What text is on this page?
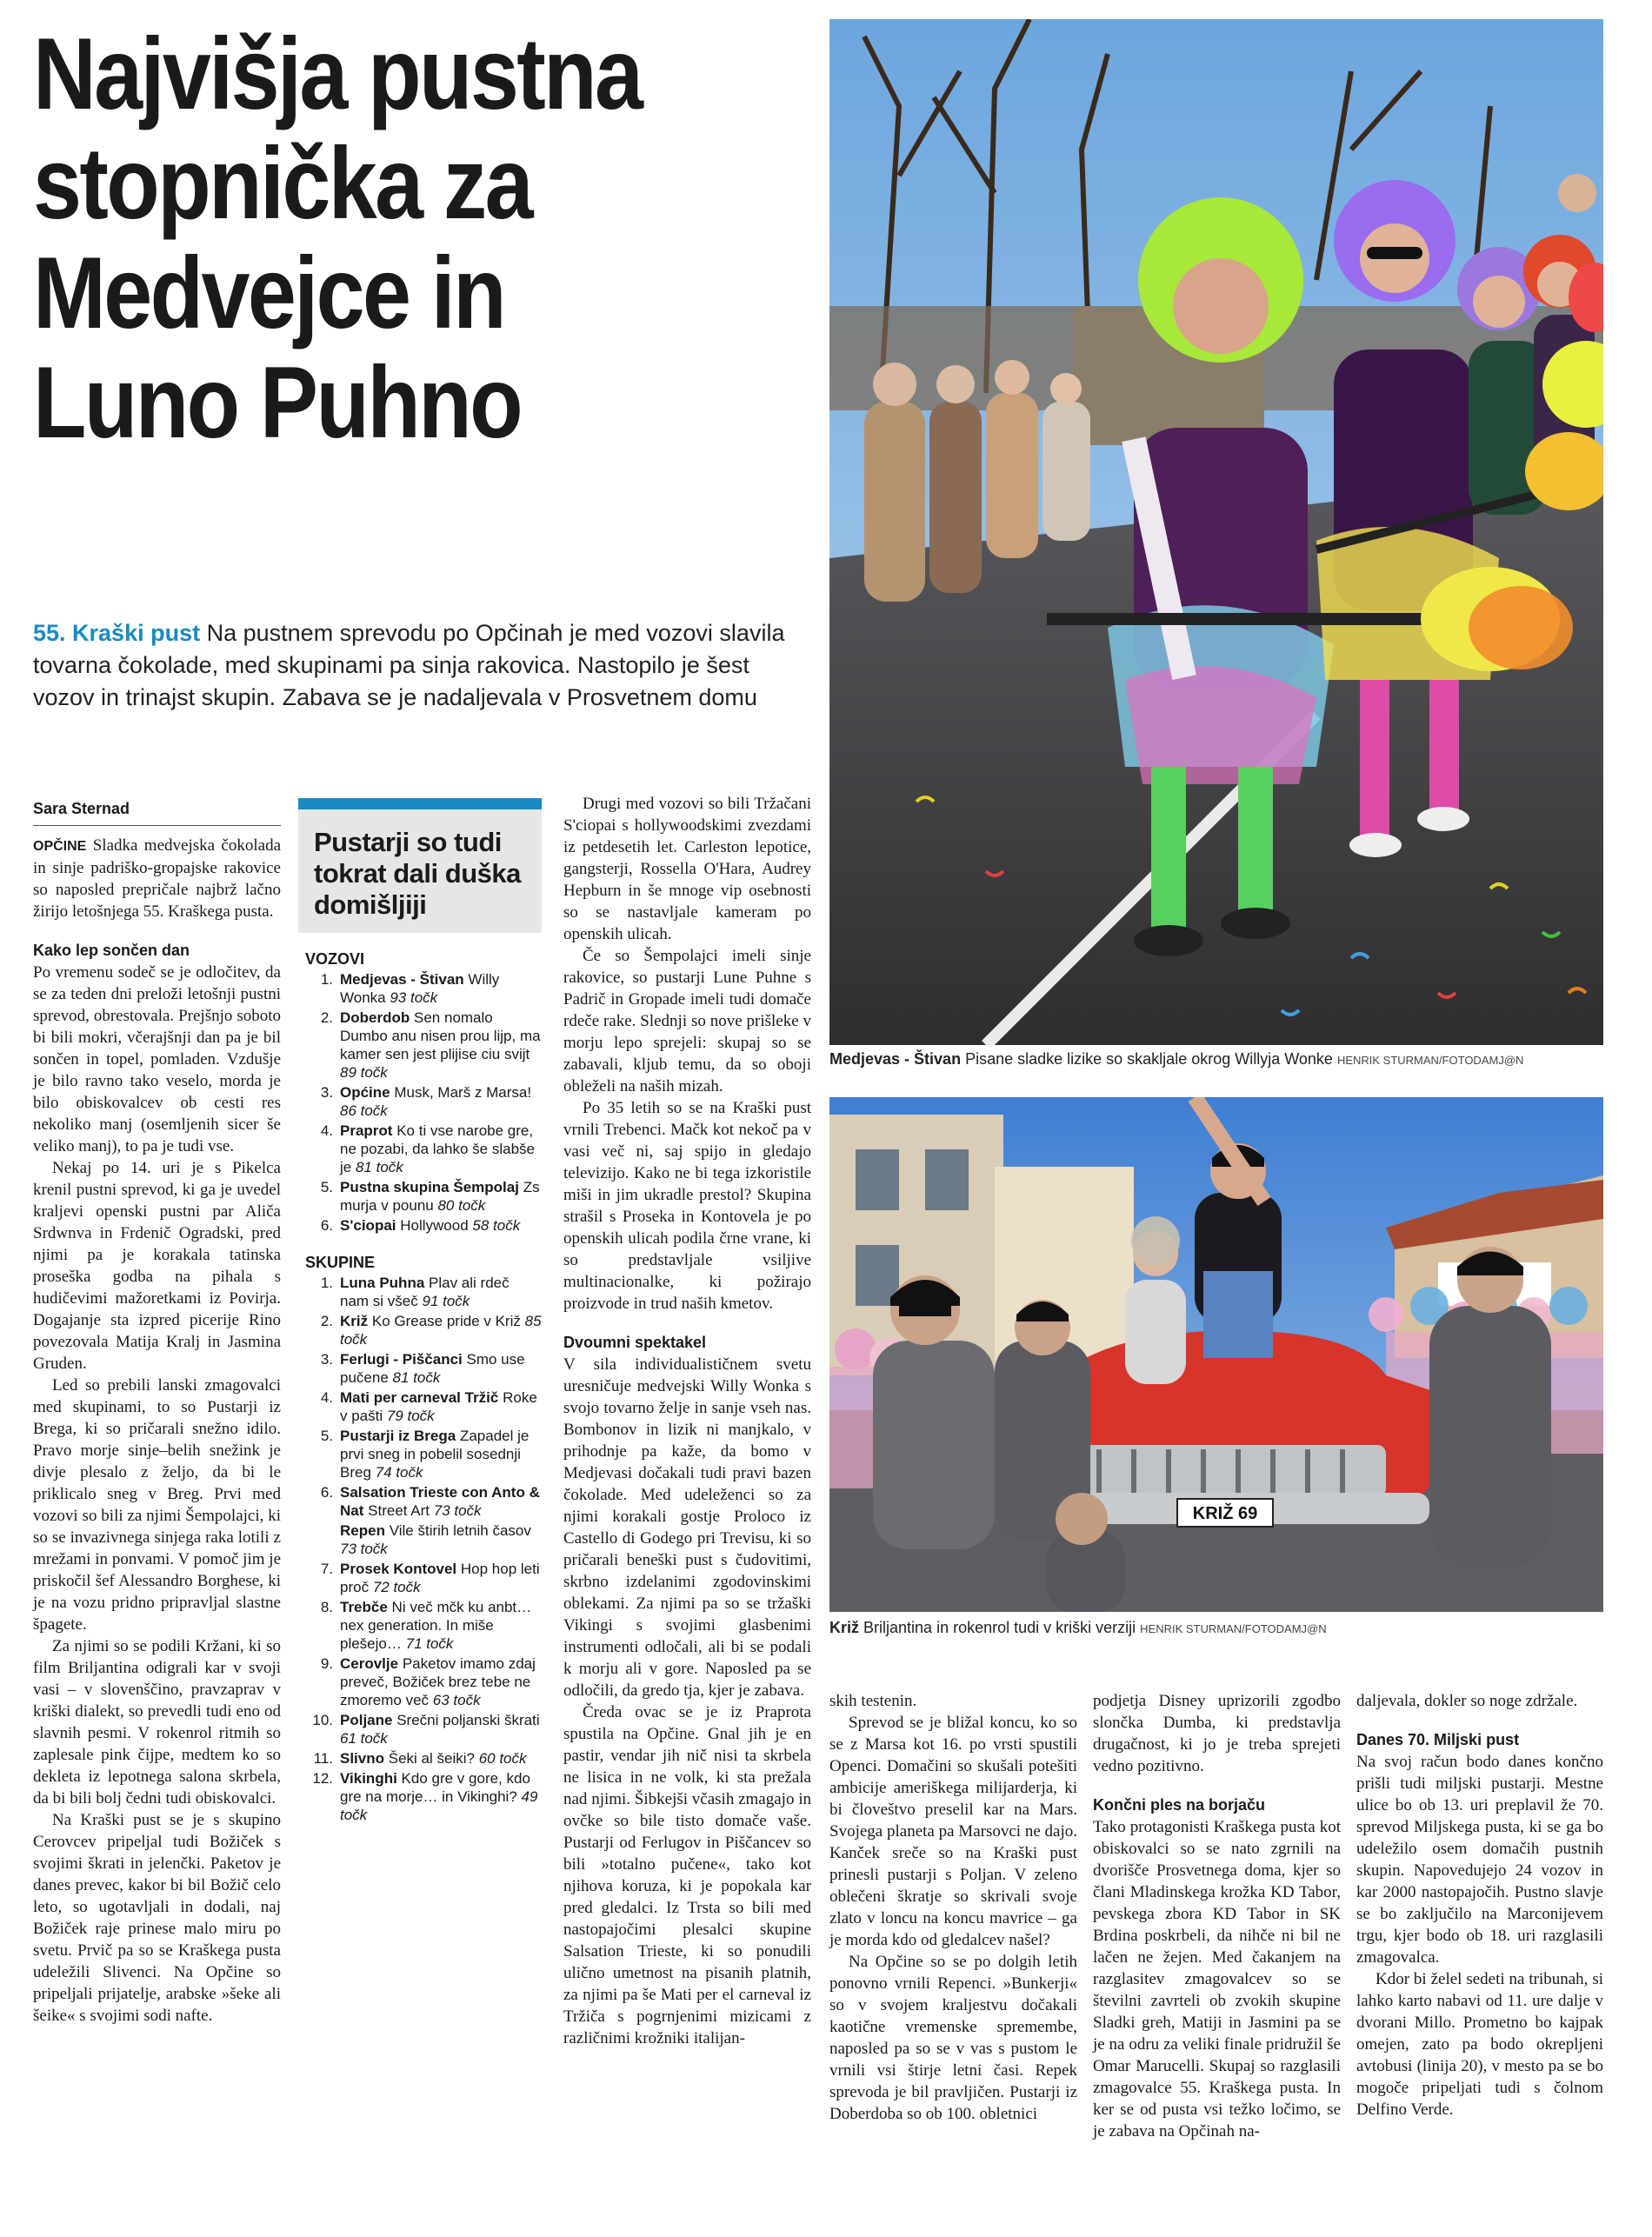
Najvišja pustna stopnička za Medvejce in Luno Puhno
55. Kraški pust Na pustnem sprevodu po Opčinah je med vozovi slavila tovarna čokolade, med skupinami pa sinja rakovica. Nastopilo je šest vozov in trinajst skupin. Zabava se je nadaljevala v Prosvetnem domu
Sara Sternad

OPČINE Sladka medvejska čokolada in sinje padriško-gropajske rakovice so naposled prepričale najbrž lačno žirijo letošnjega 55. Kraškega pusta.

Kako lep sončen dan

Po vremenu sodeč se je odločitev, da se za teden dni preloži letošnji pustni sprevod, obrestovala. Prejšnjo soboto bi bili mokri, včerajšnji dan pa je bil sončen in topel, pomladen. Vzdušje je bilo ravno tako veselo, morda je bilo obiskovalcev ob cesti res nekoliko manj (osemljenih sicer še veliko manj), to pa je tudi vse.

Nekaj po 14. uri je s Pikelca krenil pustni sprevod, ki ga je uvedel kraljevi openski pustni par Aliča Srdwnva in Frdenič Ogradski, pred njimi pa je korakala tatinska proseška godba na pihala s hudičevimi mažoretkami iz Povirja. Dogajanje sta izpred picerije Rino povezovala Matija Kralj in Jasmina Gruden.

Led so prebili lanski zmagovalci med skupinami, to so Pustarji iz Brega, ki so pričarali snežno idilo. Pravo morje sinje–belih snežink je divje plesalo z željo, da bi le priklicalo sneg v Breg. Prvi med vozovi so bili za njimi Šempolajci, ki so se invazivnega sinjega raka lotili z mrežami in ponvami. V pomoč jim je priskočil šef Alessandro Borghese, ki je na vozu pridno pripravljal slastne špagete.

Za njimi so se podili Kržani, ki so film Briljantina odigrali kar v svoji vasi – v slovenščino, pravzaprav v kriški dialekt, so prevedli tudi eno od slavnih pesmi. V rokenrol ritmih so zaplesale pink čijpe, medtem ko so dekleta iz lepotnega salona skrbela, da bi bili bolj čedni tudi obiskovalci.

Na Kraški pust se je s skupino Cerovcev pripeljal tudi Božiček s svojimi škrati in jelenčki. Paketov je danes prevec, kakor bi bil Božič celo leto, so ugotavljali in dodali, naj Božiček raje prinese malo miru po svetu. Prvič pa so se Kraškega pusta udeležili Slivenci. Na Opčine so pripeljali prijatelje, arabske »šeke ali šeike« s svojimi sodi nafte.

Pustarji so tudi tokrat dali duška domišljiji
VOZOVI
1. Medjevas - Štivan Willy Wonka 93 točk
2. Doberdob Sen nomalo Dumbo anu nisen prou lijp, ma kamer sen jest plijise ciu svijt 89 točk
3. Općine Musk, Marš z Marsa! 86 točk
4. Praprot Ko ti vse narobe gre, ne pozabi, da lahko še slabše je 81 točk
5. Pustna skupina Šempolaj Zs murja v pounu 80 točk
6. S'ciopai Hollywood 58 točk
SKUPINE
1. Luna Puhna Plav ali rdeč nam si všeč 91 točk
2. Križ Ko Grease pride v Križ 85 točk
3. Ferlugi - Piščanci Smo use pučene 81 točk
4. Mati per carneval Tržič Roke v pašti 79 točk
5. Pustarji iz Brega Zapadel je prvi sneg in pobelil sosednji Breg 74 točk
6. Salsation Trieste con Anto & Nat Street Art 73 točk
Repen Vile štirih letnih časov 73 točk
7. Prosek Kontovel Hop hop leti proč 72 točk
8. Trebče Ni več mčk ku anbt… nex generation. In miše plešejo… 71 točk
9. Cerovlje Paketov imamo zdaj preveč, Božiček brez tebe ne zmoremo več 63 točk
10. Poljane Srečni poljanski škrati 61 točk
11. Slivno Šeki al šeiki? 60 točk
12. Vikinghi Kdo gre v gore, kdo gre na morje… in Vikinghi? 49 točk

Drugi med vozovi so bili Tržačani S'ciopai s hollywoodskimi zvezdami iz petdesetih let. Carleston lepotice, gangsterji, Rossella O'Hara, Audrey Hepburn in še mnoge vip osebnosti so se nastavljale kameram po openskih ulicah.

Če so Šempolajci imeli sinje rakovice, so pustarji Lune Puhne s Padrič in Gropade imeli tudi domače rdeče rake. Slednji so nove prišleke v morju lepo sprejeli: skupaj so se zabavali, kljub temu, da so oboji obleželi na naših mizah.

Po 35 letih so se na Kraški pust vrnili Trebenci. Mačk kot nekoč pa v vasi več ni, saj spijo in gledajo televizijo. Kako ne bi tega izkoristile miši in jim ukradle prestol? Skupina strašil s Proseka in Kontovela je po openskih ulicah podila črne vrane, ki so predstavljale vsiljive multinacionalke, ki požirajo proizvode in trud naših kmetov.

Dvoumni spektakel

V sila individualističnem svetu uresničuje medvejski Willy Wonka s svojo tovarno želje in sanje vseh nas. Bombonov in lizik ni manjkalo, v prihodnje pa kaže, da bomo v Medjevasi dočakali tudi pravi bazen čokolade. Med udeleženci so za njimi korakali gostje Proloco iz Castello di Godego pri Trevisu, ki so pričarali beneški pust s čudovitimi, skrbno izdelanimi zgodovinskimi oblekami. Za njimi pa so se tržaški Vikingi s svojimi glasbenimi instrumenti odločali, ali bi se podali k morju ali v gore. Naposled pa se odločili, da gredo tja, kjer je zabava.

Čreda ovac se je iz Praprota spustila na Opčine. Gnal jih je en pastir, vendar jih nič nisi ta skrbela ne lisica in ne volk, ki sta prežala nad njimi. Šibkejši včasih zmagajo in ovčke so bile tisto domače vaše. Pustarji od Ferlugov in Piščancev so bili »totalno pučene«, tako kot njihova koruza, ki je popokala kar pred gledalci. Iz Trsta so bili med nastopajočimi plesalci skupine Salsation Trieste, ki so ponudili ulično umetnost na pisanih platnih, za njimi pa še Mati per el carneval iz Tržiča s pogrnjenimi mizicami z različnimi krožniki italijan-

Medjevas - Štivan Pisane sladke lizike so skakljale okrog Willyja Wonke HENRIK STURMAN/FOTODAMJ@N
KRIŽ 69
Križ Briljantina in rokenrol tudi v kriški verziji HENRIK STURMAN/FOTODAMJ@N

skih testenin.

Sprevod se je bližal koncu, ko so se z Marsa kot 16. po vrsti spustili Openci. Domačini so skušali potešiti ambicije ameriškega milijarderja, ki bi človeštvo preselil kar na Mars. Svojega planeta pa Marsovci ne dajo. Kanček sreče so na Kraški pust prinesli pustarji s Poljan. V zeleno oblečeni škratje so skrivali svoje zlato v loncu na koncu mavrice – ga je morda kdo od gledalcev našel?

Na Opčine so se po dolgih letih ponovno vrnili Repenci. »Bunkerji« so v svojem kraljestvu dočakali kaotične vremenske spremembe, naposled pa so se v vas s pustom le vrnili vsi štirje letni časi. Repek sprevoda je bil pravljičen. Pustarji iz Doberdoba so ob 100. obletnici

podjetja Disney uprizorili zgodbo slončka Dumba, ki predstavlja drugačnost, ki jo je treba sprejeti vedno pozitivno.

Končni ples na borjaču

Tako protagonisti Kraškega pusta kot obiskovalci so se nato zgrnili na dvorišče Prosvetnega doma, kjer so člani Mladinskega krožka KD Tabor, pevskega zbora KD Tabor in SK Brdina poskrbeli, da nihče ni bil ne lačen ne žejen. Med čakanjem na razglasitev zmagovalcev so se številni zavrteli ob zvokih skupine Sladki greh, Matiji in Jasmini pa se je na odru za veliki finale pridružil še Omar Marucelli. Skupaj so razglasili zmagovalce 55. Kraškega pusta. In ker se od pusta vsi težko ločimo, se je zabava na Opčinah na-

daljevala, dokler so noge zdržale.

Danes 70. Miljski pust

Na svoj račun bodo danes končno prišli tudi miljski pustarji. Mestne ulice bo ob 13. uri preplavil že 70. sprevod Miljskega pusta, ki se ga bo udeležilo osem domačih pustnih skupin. Napovedujejo 24 vozov in kar 2000 nastopajočih. Pustno slavje se bo zaključilo na Marconijevem trgu, kjer bodo ob 18. uri razglasili zmagovalca.

Kdor bi želel sedeti na tribunah, si lahko karto nabavi od 11. ure dalje v dvorani Millo. Prometno bo kajpak omejen, zato pa bodo okrepljeni avtobusi (linija 20), v mesto pa se bo mogoče pripeljati tudi s čolnom Delfino Verde.
